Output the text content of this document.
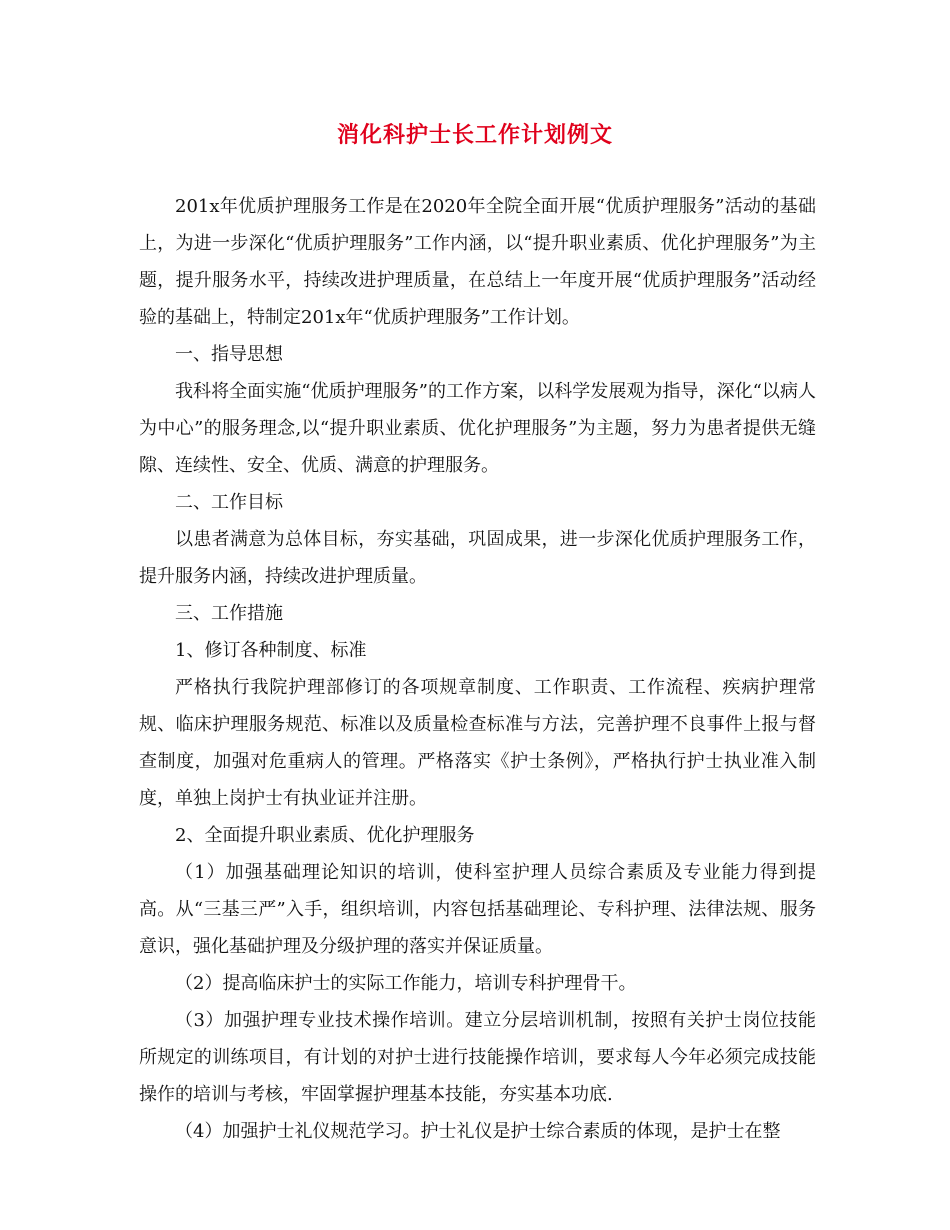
消化科护士长工作计划例文

201x年优质护理服务工作是在2020年全院全面开展“优质护理服务”活动的基础上，为进一步深化“优质护理服务”工作内涵，以“提升职业素质、优化护理服务”为主题，提升服务水平，持续改进护理质量，在总结上一年度开展“优质护理服务”活动经验的基础上，特制定201x年“优质护理服务”工作计划。

一、指导思想

我科将全面实施“优质护理服务”的工作方案，以科学发展观为指导，深化“以病人为中心”的服务理念,以“提升职业素质、优化护理服务”为主题，努力为患者提供无缝隙、连续性、安全、优质、满意的护理服务。

二、工作目标

以患者满意为总体目标，夯实基础，巩固成果，进一步深化优质护理服务工作，提升服务内涵，持续改进护理质量。

三、工作措施

1、修订各种制度、标准

严格执行我院护理部修订的各项规章制度、工作职责、工作流程、疾病护理常规、临床护理服务规范、标准以及质量检查标准与方法，完善护理不良事件上报与督查制度，加强对危重病人的管理。严格落实《护士条例》，严格执行护士执业准入制度，单独上岗护士有执业证并注册。

2、全面提升职业素质、优化护理服务

（1）加强基础理论知识的培训，使科室护理人员综合素质及专业能力得到提高。从“三基三严”入手，组织培训，内容包括基础理论、专科护理、法律法规、服务意识，强化基础护理及分级护理的落实并保证质量。

（2）提高临床护士的实际工作能力，培训专科护理骨干。

（3）加强护理专业技术操作培训。建立分层培训机制，按照有关护士岗位技能所规定的训练项目，有计划的对护士进行技能操作培训，要求每人今年必须完成技能操作的培训与考核，牢固掌握护理基本技能，夯实基本功底.

（4）加强护士礼仪规范学习。护士礼仪是护士综合素质的体现，是护士在整
